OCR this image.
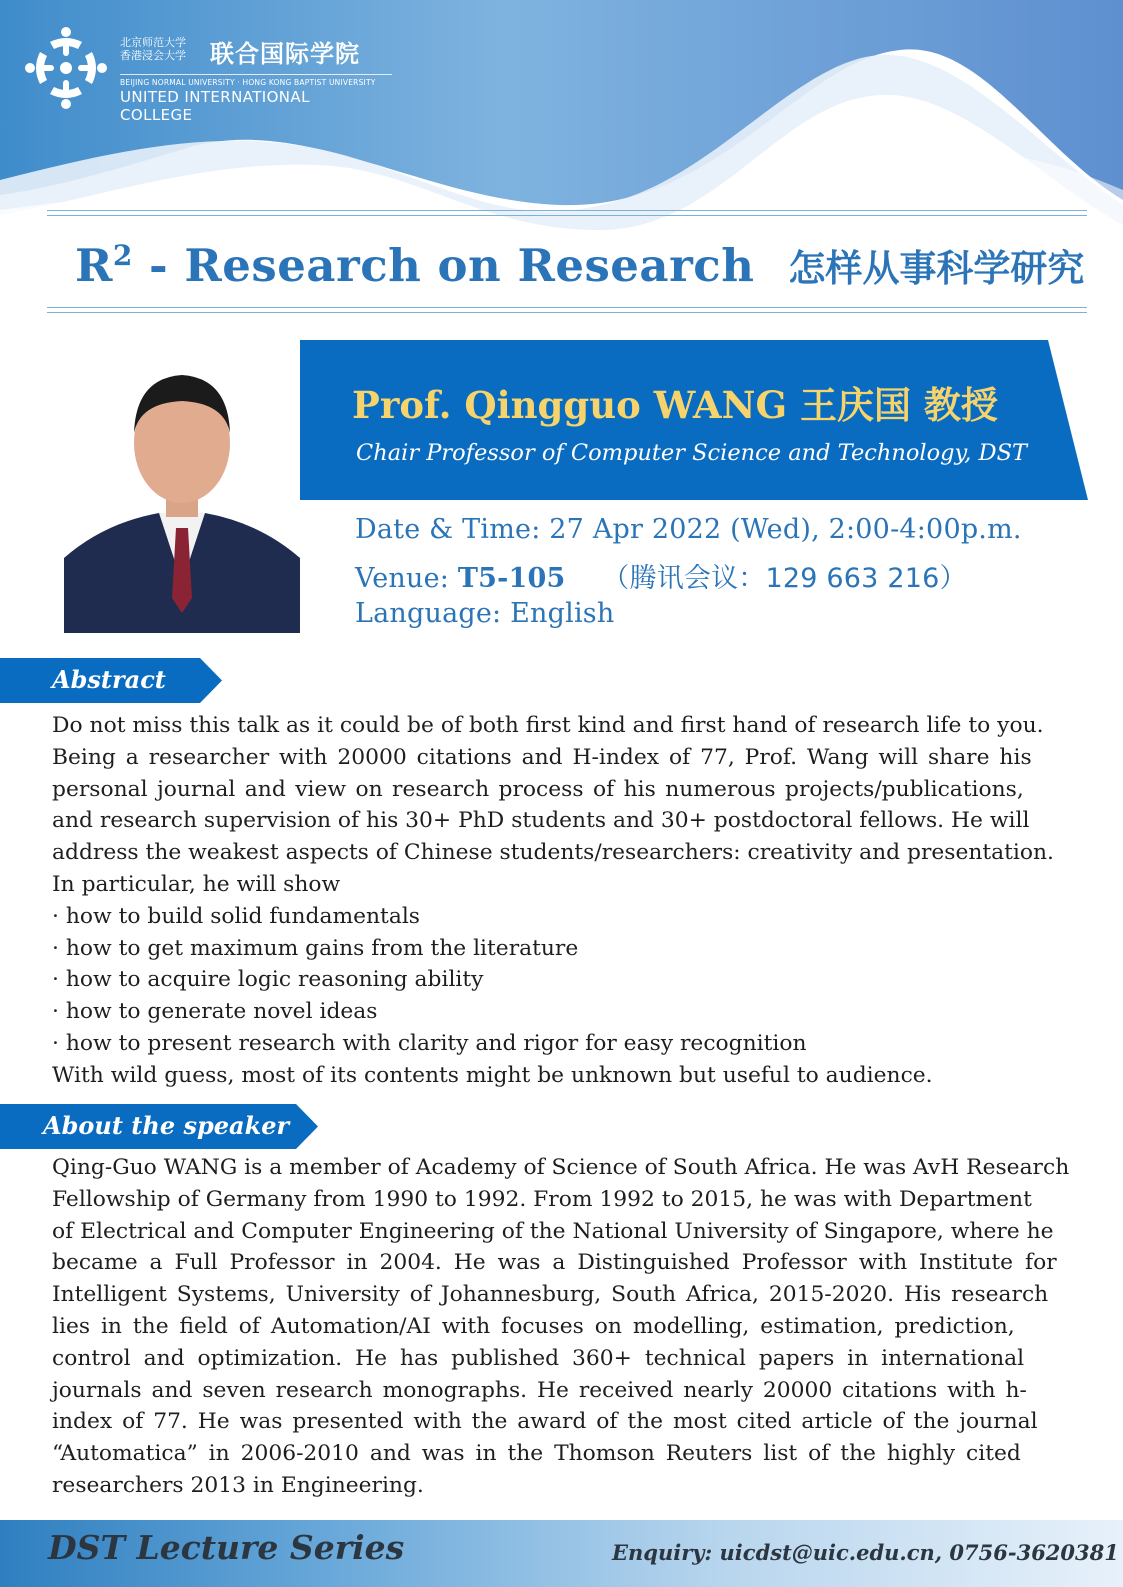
北京师范大学
香港浸会大学	联合国际学院
BEIJING NORMAL UNIVERSITY · HONG KONG BAPTIST UNIVERSITY
UNITED INTERNATIONAL COLLEGE
$R^2$ - Research on Research 怎样从事科学研究
Prof. Qingguo WANG 王庆国 教授
Chair Professor of Computer Science and Technology, DST
Date & Time: 27 Apr 2022 (Wed), 2:00-4:00p.m.
Venue: T5-105 （腾讯会议：129 663 216）
Language: English
Abstract
Do not miss this talk as it could be of both first kind and first hand of research life to you.
Being a researcher with 20000 citations and H-index of 77, Prof. Wang will share his
personal journal and view on research process of his numerous projects/publications,
and research supervision of his 30+ PhD students and 30+ postdoctoral fellows. He will
address the weakest aspects of Chinese students/researchers: creativity and presentation.
In particular, he will show
· how to build solid fundamentals
· how to get maximum gains from the literature
· how to acquire logic reasoning ability
· how to generate novel ideas
· how to present research with clarity and rigor for easy recognition
With wild guess, most of its contents might be unknown but useful to audience.
About the speaker
Qing-Guo WANG is a member of Academy of Science of South Africa. He was AvH Research
Fellowship of Germany from 1990 to 1992. From 1992 to 2015, he was with Department
of Electrical and Computer Engineering of the National University of Singapore, where he
became a Full Professor in 2004. He was a Distinguished Professor with Institute for
Intelligent Systems, University of Johannesburg, South Africa, 2015-2020. His research
lies in the field of Automation/AI with focuses on modelling, estimation, prediction,
control and optimization. He has published 360+ technical papers in international
journals and seven research monographs. He received nearly 20000 citations with h-
index of 77. He was presented with the award of the most cited article of the journal
“Automatica” in 2006-2010 and was in the Thomson Reuters list of the highly cited
researchers 2013 in Engineering.
DST Lecture Series	Enquiry: uicdst@uic.edu.cn, 0756-3620381
